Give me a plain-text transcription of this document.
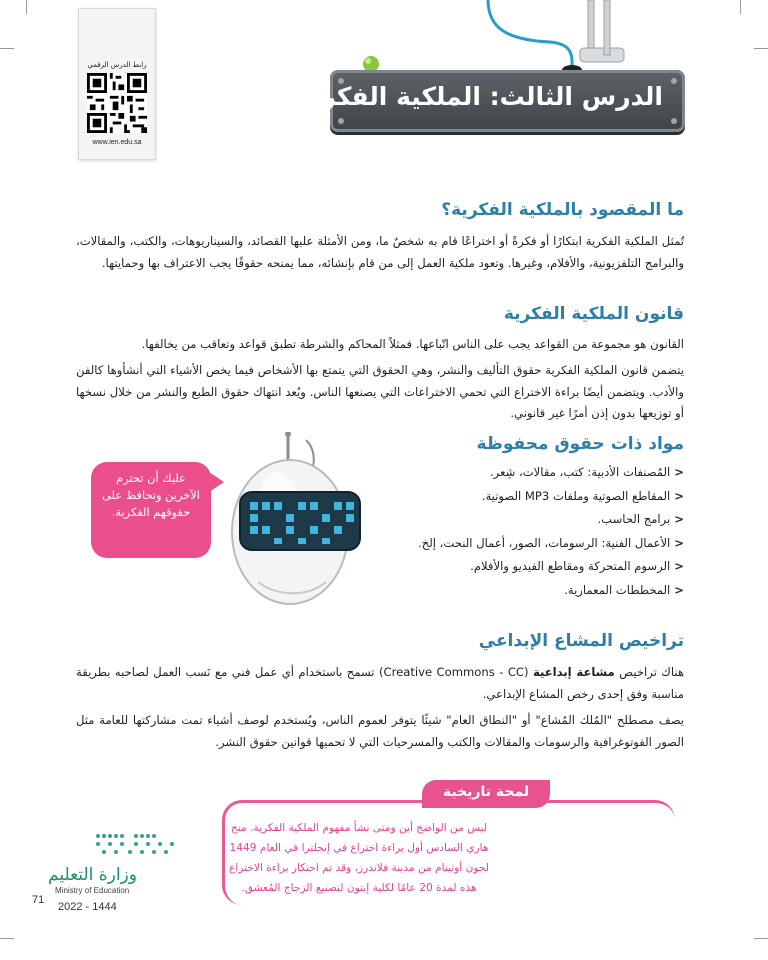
رابط الدرس الرقمي
www.ien.edu.sa
الدرس الثالث: الملكية الفكرية
ما المقصود بالملكية الفكرية؟
تُمثل الملكية الفكرية ابتكارًا أو فكرةً أو اختراعًا قام به شخصٌ ما، ومن الأمثلة عليها القصائد، والسيناريوهات، والكتب، والمقالات، والبرامج التلفزيونية، والأفلام، وغيرها. وتعود ملكية العمل إلى من قام بإنشائه، مما يمنحه حقوقًا يجب الاعتراف بها وحمايتها.
قانون الملكية الفكرية
القانون هو مجموعة من القواعد يجب على الناس اتّباعها. فمثلاً المحاكم والشرطة تطبق قواعد وتعاقب من يخالفها.
يتضمن قانون الملكية الفكرية حقوق التأليف والنشر، وهي الحقوق التي يتمتع بها الأشخاص فيما يخص الأشياء التي أنشأوها كالفن والأدب. ويتضمن أيضًا براءة الاختراع التي تحمي الاختراعات التي يصنعها الناس. ويُعد انتهاك حقوق الطبع والنشر من خلال نسخها أو توزيعها بدون إذن أمرًا غير قانوني.
مواد ذات حقوق محفوظة
<المُصنفات الأدبية: كتب، مقالات، شِعر.
<المقاطع الصوتية وملفات MP3 الصوتية.
<برامج الحاسب.
<الأعمال الفنية: الرسومات، الصور، أعمال النحت، إلخ.
<الرسوم المتحركة ومقاطع الفيديو والأفلام.
<المخططات المعمارية.
عليك أن تحترم الآخرين وتحافظ على حقوقهم الفكرية.
تراخيص المشاع الإبداعي
هناك تراخيص مشاعة إبداعية (Creative Commons - CC) تسمح باستخدام أي عمل فني مع نَسب العمل لصاحبه بطريقة مناسبة وفق إحدى رخص المشاع الإبداعي.
يصف مصطلح "المُلك المُشاع" أو "النطاق العام" شيئًا يتوفر لعموم الناس، ويُستخدم لوصف أشياء تمت مشاركتها للعامة مثل الصور الفوتوغرافية والرسومات والمقالات والكتب والمسرحيات التي لا تحميها قوانين حقوق النشر.
لمحة تاريخية
ليس من الواضح أين ومتى نشأ مفهوم الملكية الفكرية. منح هاري السادس أول براءة اختراع في إنجلترا في العام 1449 لجون أوتينام من مدينة فلاندرز، وقد تم احتكار براءة الاختراع هذه لمدة 20 عامًا لكلية إيتون لتصنيع الزجاج المُعشق.
وزارة التعليم
Ministry of Education
71
2022 - 1444
